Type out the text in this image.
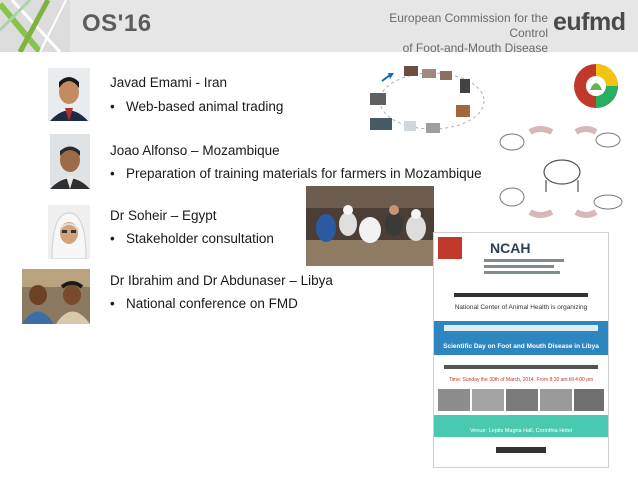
OS'16	European Commission for the Control
of Foot-and-Mouth Disease
eufmd
Javad Emami - Iran
• Web-based animal trading
Joao Alfonso – Mozambique
• Preparation of training materials for farmers in Mozambique
Dr Soheir – Egypt
• Stakeholder consultation
Dr Ibrahim and Dr Abdunaser – Libya
• National conference on FMD
NCAH
National Center of Animal Health is organizing
Scientific Day on Foot and Mouth Disease in Libya
Time: Sunday the 30th of March, 2014. From 8:30 am till 4:00 pm
Venue: Leptis Magna Hall, Corinthia Hotel
